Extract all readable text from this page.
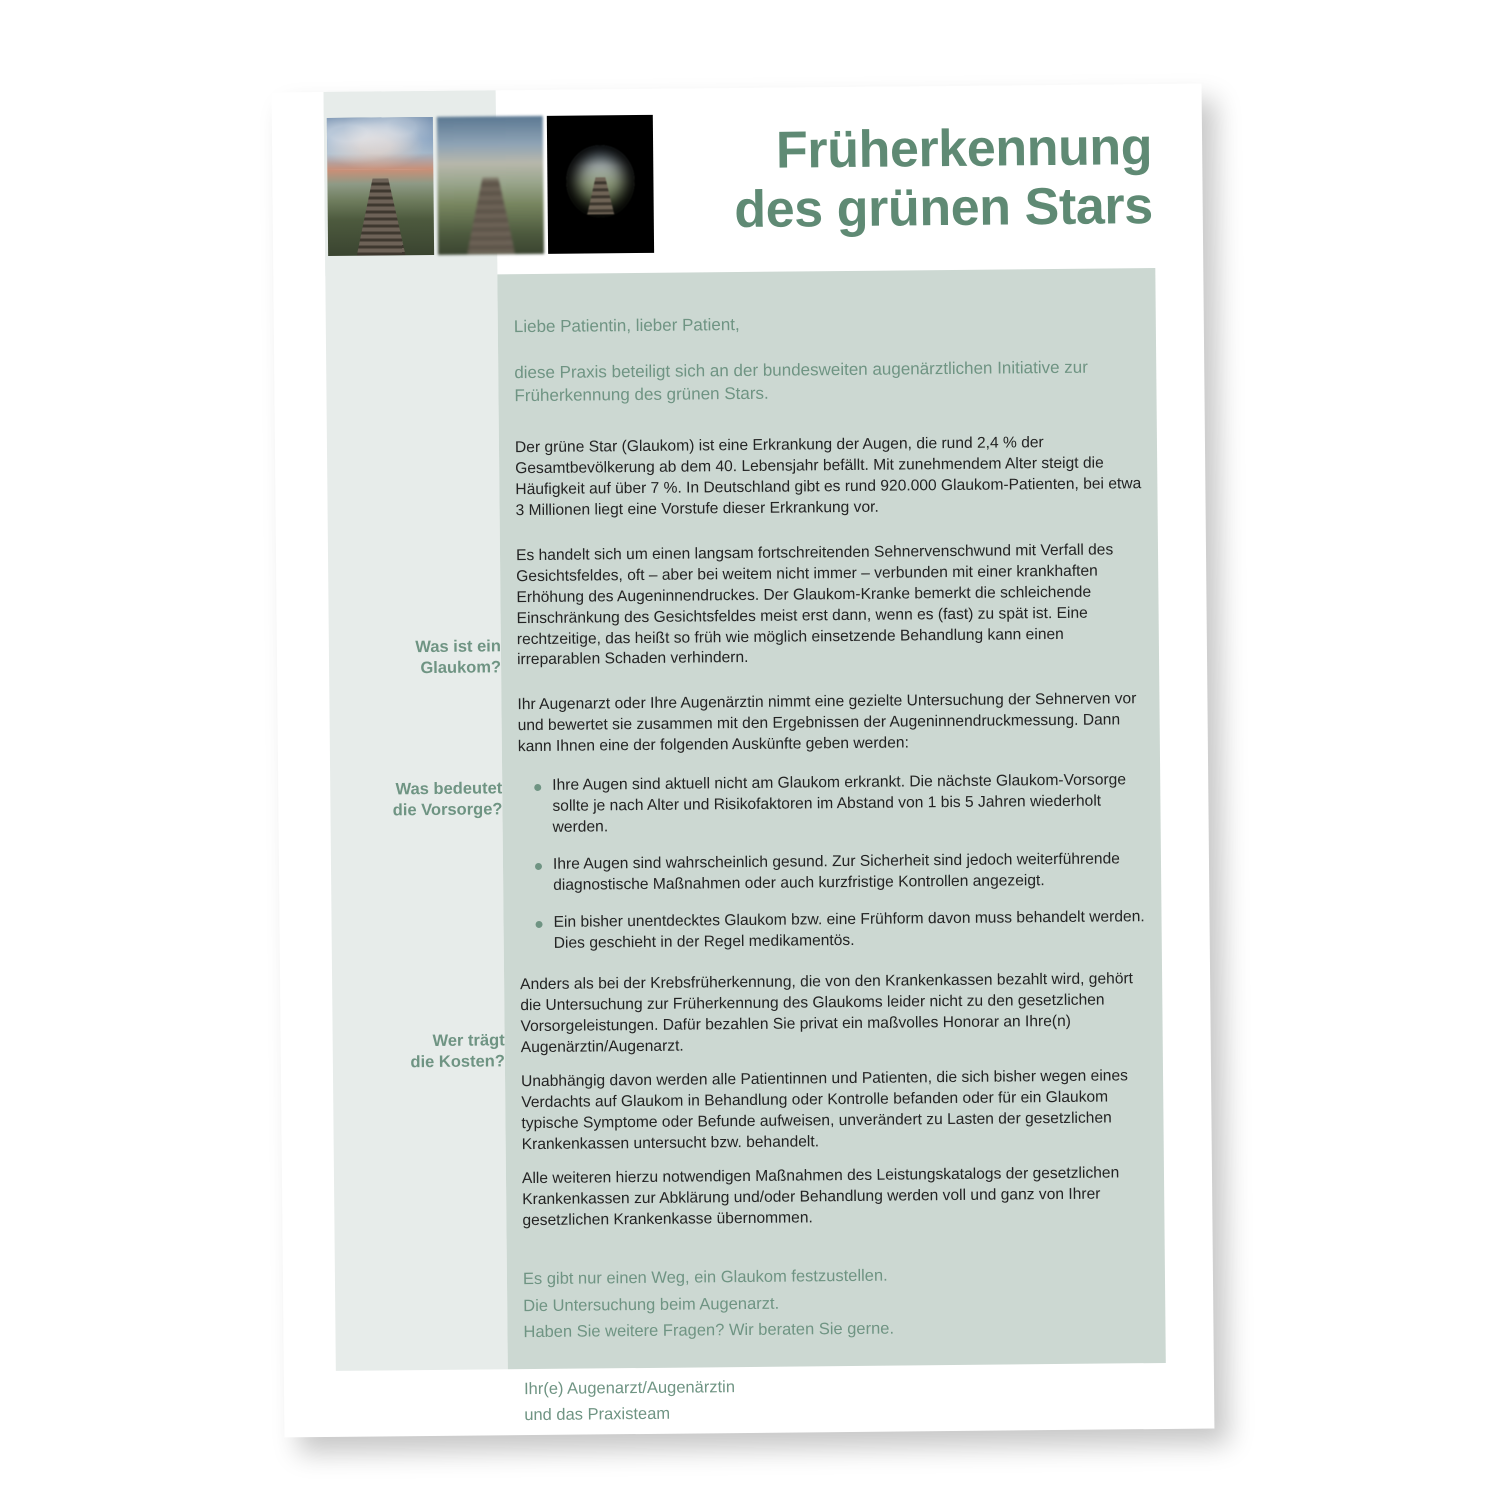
Früherkennung
des grünen Stars
Was ist ein
Glaukom?
Was bedeutet
die Vorsorge?
Wer trägt
die Kosten?
Liebe Patientin, lieber Patient,
diese Praxis beteiligt sich an der bundesweiten augenärztlichen Initiative zur Früherkennung des grünen Stars.

Der grüne Star (Glaukom) ist eine Erkrankung der Augen, die rund 2,4 % der Gesamtbevölkerung ab dem 40. Lebensjahr befällt. Mit zunehmendem Alter steigt die Häufigkeit auf über 7 %. In Deutschland gibt es rund 920.000 Glaukom-Patienten, bei etwa 3 Millionen liegt eine Vorstufe dieser Erkrankung vor.

Es handelt sich um einen langsam fortschreitenden Sehnervenschwund mit Verfall des Gesichtsfeldes, oft – aber bei weitem nicht immer – verbunden mit einer krankhaften Erhöhung des Augeninnendruckes. Der Glaukom-Kranke bemerkt die schleichende Einschränkung des Gesichtsfeldes meist erst dann, wenn es (fast) zu spät ist. Eine rechtzeitige, das heißt so früh wie möglich einsetzende Behandlung kann einen irreparablen Schaden verhindern.

Ihr Augenarzt oder Ihre Augenärztin nimmt eine gezielte Untersuchung der Sehnerven vor und bewertet sie zusammen mit den Ergebnissen der Augeninnendruckmessung. Dann kann Ihnen eine der folgenden Auskünfte geben werden:

Ihre Augen sind aktuell nicht am Glaukom erkrankt. Die nächste Glaukom-Vorsorge sollte je nach Alter und Risikofaktoren im Abstand von 1 bis 5 Jahren wiederholt werden.
Ihre Augen sind wahrscheinlich gesund. Zur Sicherheit sind jedoch weiterführende diagnostische Maßnahmen oder auch kurzfristige Kontrollen angezeigt.
Ein bisher unentdecktes Glaukom bzw. eine Frühform davon muss behandelt werden. Dies geschieht in der Regel medikamentös.

Anders als bei der Krebsfrüherkennung, die von den Krankenkassen bezahlt wird, gehört die Untersuchung zur Früherkennung des Glaukoms leider nicht zu den gesetzlichen Vorsorgeleistungen. Dafür bezahlen Sie privat ein maßvolles Honorar an Ihre(n) Augenärztin/Augenarzt.

Unabhängig davon werden alle Patientinnen und Patienten, die sich bisher wegen eines Verdachts auf Glaukom in Behandlung oder Kontrolle befanden oder für ein Glaukom typische Symptome oder Befunde aufweisen, unverändert zu Lasten der gesetzlichen Krankenkassen untersucht bzw. behandelt.

Alle weiteren hierzu notwendigen Maßnahmen des Leistungskatalogs der gesetzlichen Krankenkassen zur Abklärung und/oder Behandlung werden voll und ganz von Ihrer gesetzlichen Krankenkasse übernommen.

Es gibt nur einen Weg, ein Glaukom festzustellen.
Die Untersuchung beim Augenarzt.
Haben Sie weitere Fragen? Wir beraten Sie gerne.
Ihr(e) Augenarzt/Augenärztin
und das Praxisteam
